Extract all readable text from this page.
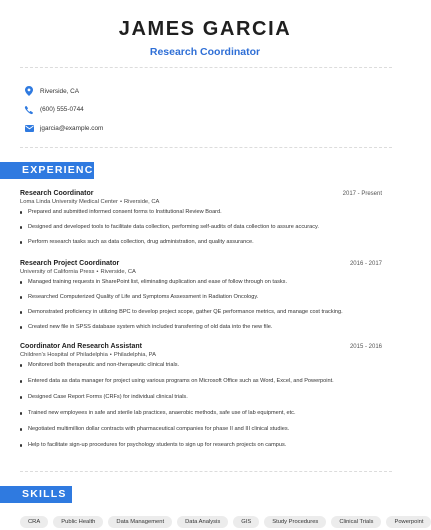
JAMES GARCIA
Research Coordinator
Riverside, CA
(600) 555-0744
jgarcia@example.com
EXPERIENCE
Research Coordinator	2017 - Present
Loma Linda University Medical Center • Riverside, CA
Prepared and submitted informed consent forms to Institutional Review Board.
Designed and developed tools to facilitate data collection, performing self-audits of data collection to assure accuracy.
Perform research tasks such as data collection, drug administration, and quality assurance.
Research Project Coordinator	2016 - 2017
University of California Press • Riverside, CA
Managed training requests in SharePoint list, eliminating duplication and ease of follow through on tasks.
Researched Computerized Quality of Life and Symptoms Assessment in Radiation Oncology.
Demonstrated proficiency in utilizing BPC to develop project scope, gather QE performance metrics, and manage cost tracking.
Created new file in SPSS database system which included transferring of old data into the new file.
Coordinator And Research Assistant	2015 - 2016
Children's Hospital of Philadelphia • Philadelphia, PA
Monitored both therapeutic and non-therapeutic clinical trials.
Entered data as data manager for project using various programs on Microsoft Office such as Word, Excel, and Powerpoint.
Designed Case Report Forms (CRFs) for individual clinical trials.
Trained new employees in safe and sterile lab practices, anaerobic methods, safe use of lab equipment, etc.
Negotiated multimillion dollar contracts with pharmaceutical companies for phase II and III clinical studies.
Help to facilitate sign-up procedures for psychology students to sign up for research projects on campus.
SKILLS
CRA	Public Health	Data Management	Data Analysis	GIS	Study Procedures	Clinical Trials	Powerpoint
